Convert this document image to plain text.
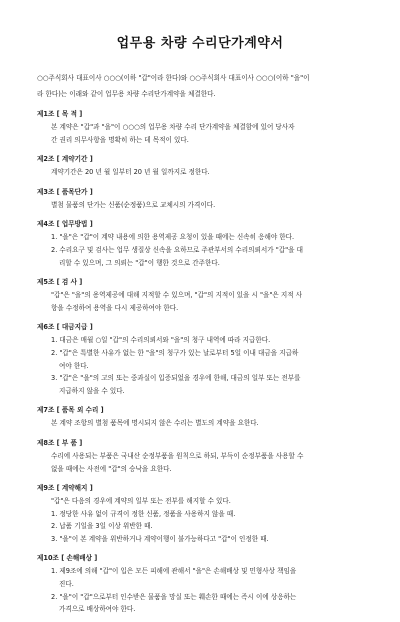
업무용 차량 수리단가계약서
○○주식회사 대표이사 ○○○(이하 "갑"이라 한다)와 ○○주식회사 대표이사 ○○○(이하 "을"이
라 한다)는 이래와 같이 업무용 차량 수리단가계약을 체결한다.
제1조 [ 목 적 ]
본 계약은 "갑"과 "을"이 ○○○의 업무용 차량 수리 단가계약을 체결함에 있어 당사자
간 권리 의무사항을 명확히 하는 데 목적이 있다.
제2조 [ 계약기간 ]
계약기간은 20 년 월 일부터 20 년 월 일까지로 정한다.
제3조 [ 품목단가 ]
별첨 물품의 단가는 신품(순정품)으로 교체시의 가격이다.
제4조 [ 업무방법 ]
1. "을"은 "갑"이 계약 내용에 의한 용역제공 요청이 있을 때에는 신속히 응해야 한다.
2. 수리요구 및 검사는 업무 생질상 신속을 요하므로 주관부서의 수리의뢰서가 "갑"을 대
리할 수 있으며, 그 의뢰는 "갑"이 행한 것으로 간주한다.
제5조 [ 검 사 ]
"갑"은 "을"의 용역제공에 대해 지적할 수 있으며, "갑"의 지적이 있을 시 "을"은 지적 사
항을 수정하여 용역을 다시 제공하여야 한다.
제6조 [ 대금지급 ]
1. 대금은 매월 ○일 "갑"의 수리의뢰서와 "을"의 청구 내역에 따라 지급한다.
2. "갑"은 특별한 사유가 없는 한 "을"의 청구가 있는 날로부터 5일 이내 대금을 지급하
여야 한다.
3. "갑"은 "을"의 고의 또는 중과실이 입증되었을 경우에 한해, 대금의 일부 또는 전부를
지급하지 않을 수 있다.
제7조 [ 품목 외 수리 ]
본 계약 조항의 별첨 품목에 명시되지 않은 수리는 별도의 계약을 요한다.
제8조 [ 부 품 ]
수리에 사용되는 부품은 국내산 순정부품을 원칙으로 하되, 부득이 순정부품을 사용할 수
없을 때에는 사전에 "갑"의 승낙을 요한다.
제9조 [ 계약해지 ]
"갑"은 다음의 경우에 계약의 일부 또는 전부를 해지할 수 있다.
1. 정당한 사유 없이 규격이 정한 신품, 정품을 사용하지 않을 때.
2. 납품 기일을 3일 이상 위반한 때.
3. "을"이 본 계약을 위반하거나 계약이행이 불가능하다고 "갑"이 인정한 때.
제10조 [ 손해배상 ]
1. 제9조에 의해 "갑"이 입은 모든 피해에 관해서 "을"은 손해배상 및 민형사상 책임을
진다.
2. "을"이 "갑"으로부터 인수받은 물품을 망실 또는 훼손한 때에는 즉시 이에 상응하는
가격으로 배상하여야 한다.
